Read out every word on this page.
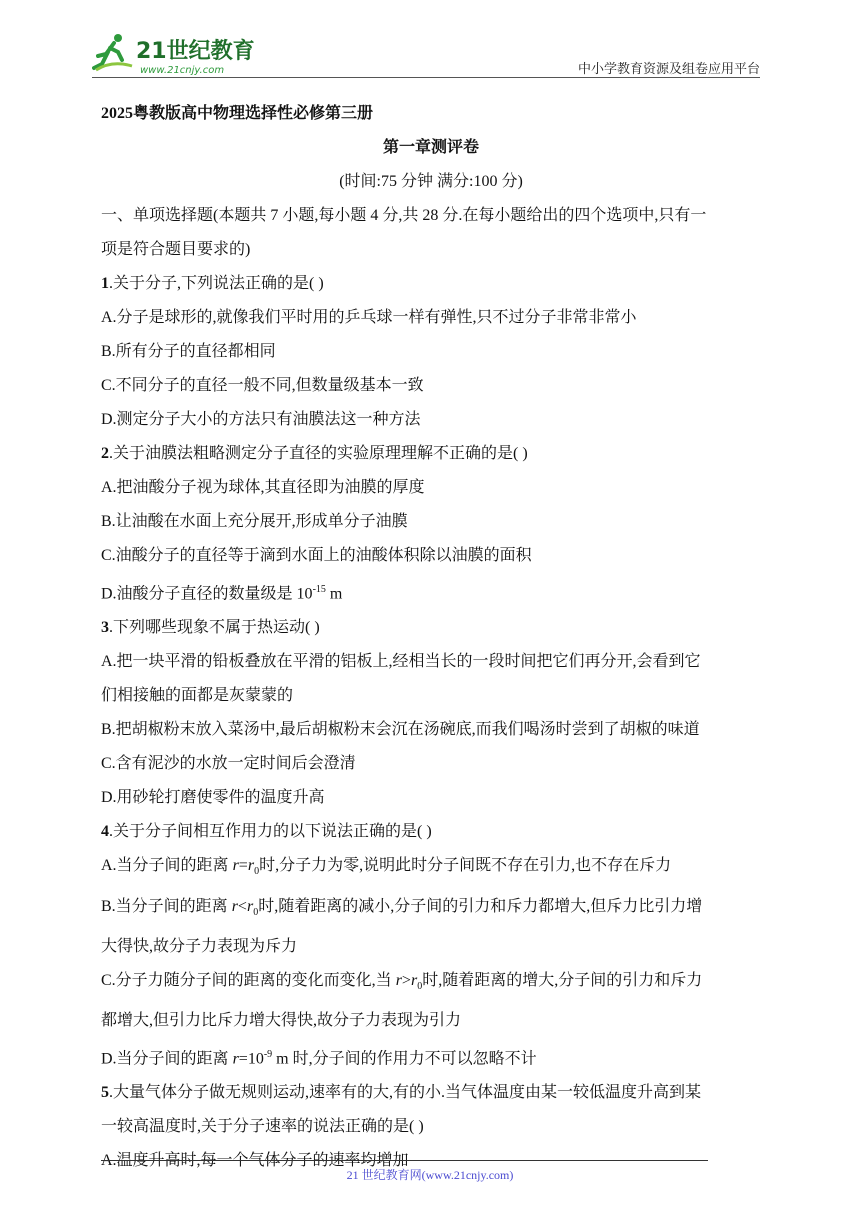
21世纪教育
www.21cnjy.com	中小学教育资源及组卷应用平台
2025粤教版高中物理选择性必修第三册
第一章测评卷
(时间:75 分钟 满分:100 分)
一、单项选择题(本题共 7 小题,每小题 4 分,共 28 分.在每小题给出的四个选项中,只有一
项是符合题目要求的)
1.关于分子,下列说法正确的是( )
A.分子是球形的,就像我们平时用的乒乓球一样有弹性,只不过分子非常非常小
B.所有分子的直径都相同
C.不同分子的直径一般不同,但数量级基本一致
D.测定分子大小的方法只有油膜法这一种方法
2.关于油膜法粗略测定分子直径的实验原理理解不正确的是( )
A.把油酸分子视为球体,其直径即为油膜的厚度
B.让油酸在水面上充分展开,形成单分子油膜
C.油酸分子的直径等于滴到水面上的油酸体积除以油膜的面积
D.油酸分子直径的数量级是 $10^{-15}$ m
3.下列哪些现象不属于热运动( )
A.把一块平滑的铅板叠放在平滑的铝板上,经相当长的一段时间把它们再分开,会看到它
们相接触的面都是灰蒙蒙的
B.把胡椒粉末放入菜汤中,最后胡椒粉末会沉在汤碗底,而我们喝汤时尝到了胡椒的味道
C.含有泥沙的水放一定时间后会澄清
D.用砂轮打磨使零件的温度升高
4.关于分子间相互作用力的以下说法正确的是( )
A.当分子间的距离 $r=r_0$时,分子力为零,说明此时分子间既不存在引力,也不存在斥力
B.当分子间的距离 $r<r_0$时,随着距离的减小,分子间的引力和斥力都增大,但斥力比引力增
大得快,故分子力表现为斥力
C.分子力随分子间的距离的变化而变化,当 $r>r_0$时,随着距离的增大,分子间的引力和斥力
都增大,但引力比斥力增大得快,故分子力表现为引力
D.当分子间的距离 $r=10^{-9}$ m 时,分子间的作用力不可以忽略不计
5.大量气体分子做无规则运动,速率有的大,有的小.当气体温度由某一较低温度升高到某
一较高温度时,关于分子速率的说法正确的是( )
A.温度升高时,每一个气体分子的速率均增加
21 世纪教育网(www.21cnjy.com)
